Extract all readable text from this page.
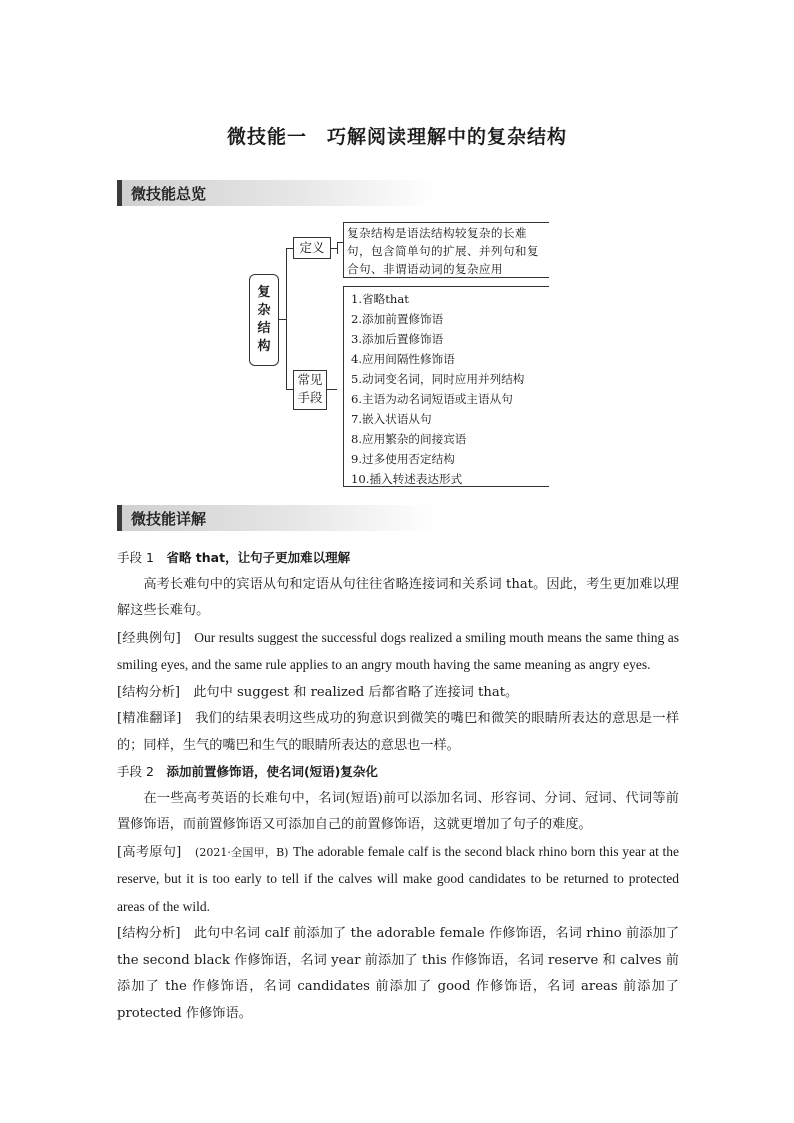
微技能一　巧解阅读理解中的复杂结构
微技能总览
复
杂
结
构
定义
常见
手段
复杂结构是语法结构较复杂的长难
句，包含简单句的扩展、并列句和复
合句、非谓语动词的复杂应用
1.省略that
2.添加前置修饰语
3.添加后置修饰语
4.应用间隔性修饰语
5.动词变名词，同时应用并列结构
6.主语为动名词短语或主语从句
7.嵌入状语从句
8.应用繁杂的间接宾语
9.过多使用否定结构
10.插入转述表达形式
微技能详解

手段 1　省略 that，让句子更加难以理解

高考长难句中的宾语从句和定语从句往往省略连接词和关系词 that。因此，考生更加难以理解这些长难句。

[经典例句]　 Our results suggest the successful dogs realized a smiling mouth means the same thing as smiling eyes, and the same rule applies to an angry mouth having the same meaning as angry eyes.

[结构分析]　 此句中 suggest 和 realized 后都省略了连接词 that。

[精准翻译]　 我们的结果表明这些成功的狗意识到微笑的嘴巴和微笑的眼睛所表达的意思是一样的；同样，生气的嘴巴和生气的眼睛所表达的意思也一样。

手段 2　添加前置修饰语，使名词(短语)复杂化

在一些高考英语的长难句中，名词(短语)前可以添加名词、形容词、分词、冠词、代词等前置修饰语，而前置修饰语又可添加自己的前置修饰语，这就更增加了句子的难度。

[高考原句]　 (2021·全国甲，B) The adorable female calf is the second black rhino born this year at the reserve, but it is too early to tell if the calves will make good candidates to be returned to protected areas of the wild.

[结构分析]　 此句中名词 calf 前添加了 the adorable female 作修饰语，名词 rhino 前添加了 the second black 作修饰语，名词 year 前添加了 this 作修饰语，名词 reserve 和 calves 前添加了 the 作修饰语，名词 candidates 前添加了 good 作修饰语，名词 areas 前添加了 protected 作修饰语。
